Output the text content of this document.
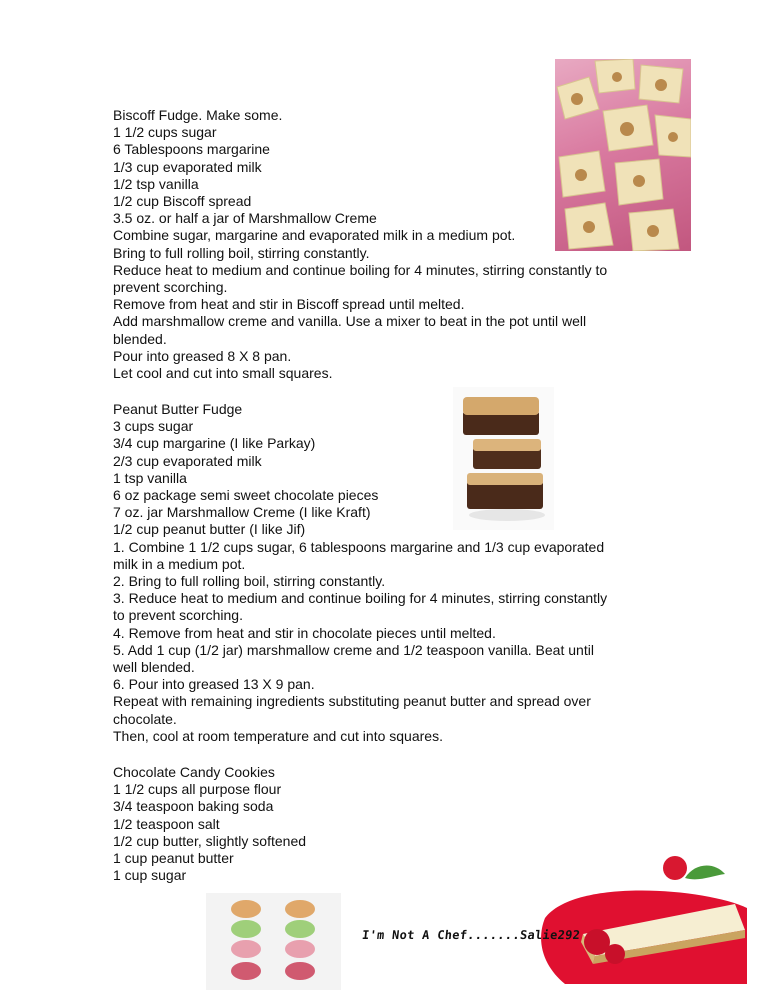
Biscoff Fudge. Make some.
1 1/2 cups sugar
6 Tablespoons margarine
1/3 cup evaporated milk
1/2 tsp vanilla
1/2 cup Biscoff spread
3.5 oz. or half a jar of Marshmallow Creme
Combine sugar, margarine and evaporated milk in a medium pot.
Bring to full rolling boil, stirring constantly.
Reduce heat to medium and continue boiling for 4 minutes, stirring constantly to
prevent scorching.
Remove from heat and stir in Biscoff spread until melted.
Add marshmallow creme and vanilla. Use a mixer to beat in the pot until well
blended.
Pour into greased 8 X 8 pan.
Let cool and cut into small squares.
Peanut Butter Fudge
3 cups sugar
3/4 cup margarine (I like Parkay)
2/3 cup evaporated milk
1 tsp vanilla
6 oz package semi sweet chocolate pieces
7 oz. jar Marshmallow Creme (I like Kraft)
1/2 cup peanut butter (I like Jif)
1. Combine 1 1/2 cups sugar, 6 tablespoons margarine and 1/3 cup evaporated
milk in a medium pot.
2. Bring to full rolling boil, stirring constantly.
3. Reduce heat to medium and continue boiling for 4 minutes, stirring constantly
to prevent scorching.
4. Remove from heat and stir in chocolate pieces until melted.
5. Add 1 cup (1/2 jar) marshmallow creme and 1/2 teaspoon vanilla. Beat until
well blended.
6. Pour into greased 13 X 9 pan.
Repeat with remaining ingredients substituting peanut butter and spread over
chocolate.
Then, cool at room temperature and cut into squares.
Chocolate Candy Cookies
1 1/2 cups all purpose flour
3/4 teaspoon baking soda
1/2 teaspoon salt
1/2 cup butter, slightly softened
1 cup peanut butter
1 cup sugar
I'm Not A Chef.......Salie292
